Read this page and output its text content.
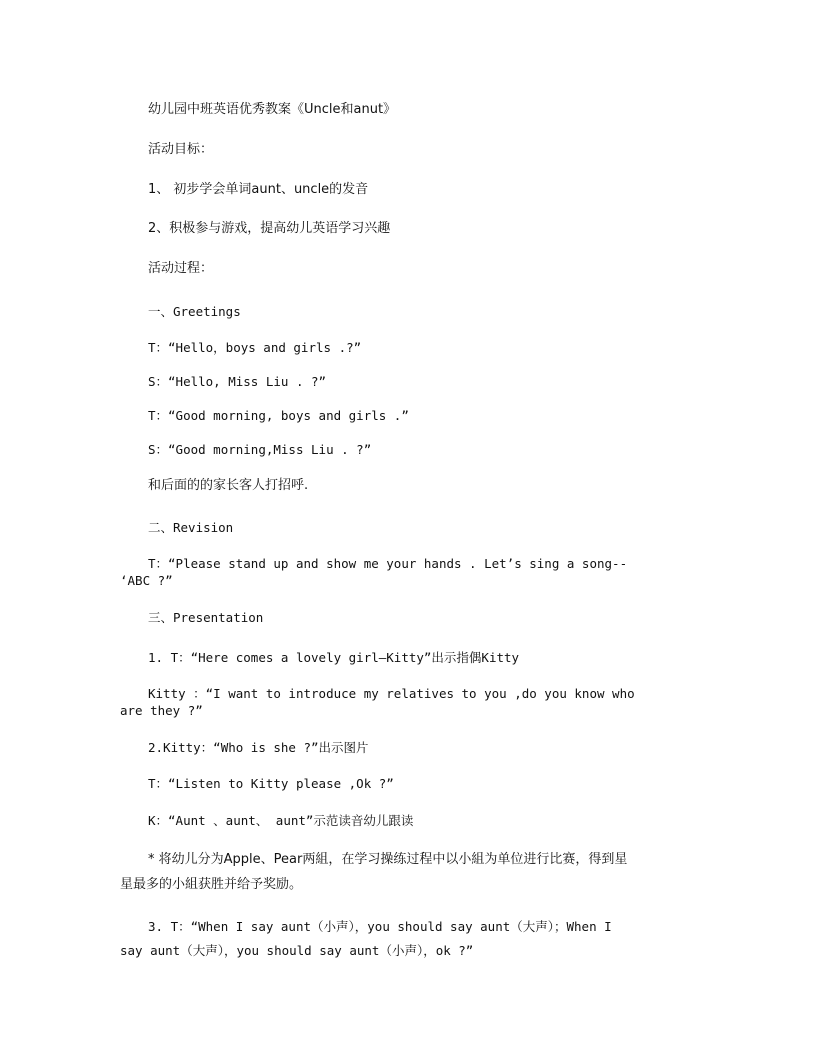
幼儿园中班英语优秀教案《Uncle和anut》
活动目标：
1、 初步学会单词aunt、uncle的发音
2、积极参与游戏，提高幼儿英语学习兴趣
活动过程：
一、Greetings
T：“Hello，boys and girls .?”
S：“Hello, Miss Liu . ?”
T：“Good morning, boys and girls .”
S：“Good morning,Miss Liu . ?”
和后面的的家长客人打招呼.
二、Revision
T：“Please stand up and show me your hands . Let’s sing a song--
‘ABC ?”
三、Presentation
1. T：“Here comes a lovely girl—Kitty”出示指偶Kitty
Kitty ：“I want to introduce my relatives to you ,do you know who
are they ?”
2.Kitty：“Who is she ?”出示图片
T：“Listen to Kitty please ,Ok ?”
K：“Aunt 、aunt、 aunt”示范读音幼儿跟读
* 将幼儿分为Apple、Pear两組，在学习操练过程中以小組为单位进行比赛，得到星
星最多的小組获胜并给予奖励。
3. T：“When I say aunt（小声），you should say aunt（大声）；When I
say aunt（大声），you should say aunt（小声），ok ?”
